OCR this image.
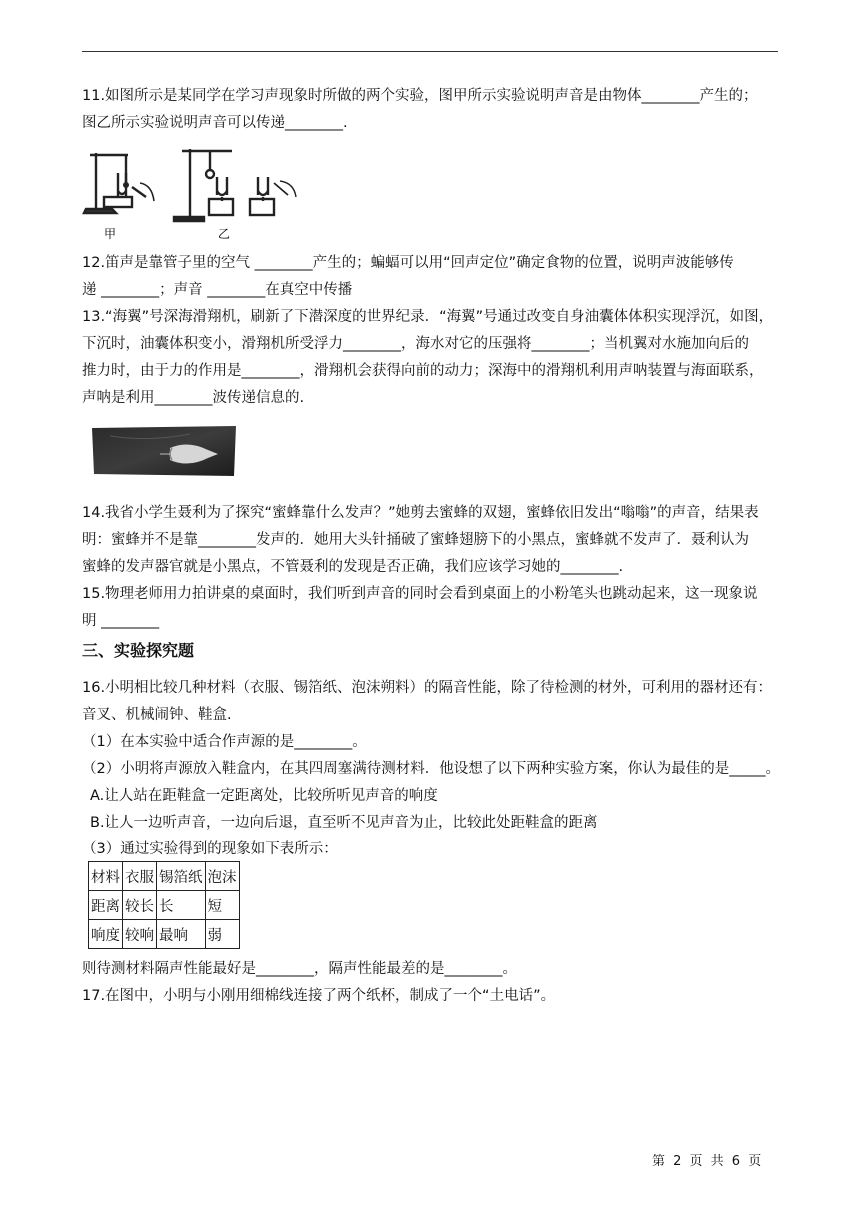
11.如图所示是某同学在学习声现象时所做的两个实验，图甲所示实验说明声音是由物体________产生的；
图乙所示实验说明声音可以传递________.
甲	乙
12.笛声是靠管子里的空气 ________产生的；蝙蝠可以用“回声定位”确定食物的位置，说明声波能够传
递 ________；声音 ________在真空中传播
13.“海翼”号深海滑翔机，刷新了下潜深度的世界纪录．“海翼”号通过改变自身油囊体体积实现浮沉，如图，
下沉时，油囊体积变小，滑翔机所受浮力________，海水对它的压强将________；当机翼对水施加向后的
推力时，由于力的作用是________，滑翔机会获得向前的动力；深海中的滑翔机利用声呐装置与海面联系，
声呐是利用________波传递信息的.
14.我省小学生聂利为了探究“蜜蜂靠什么发声？”她剪去蜜蜂的双翅，蜜蜂依旧发出“嗡嗡”的声音，结果表
明：蜜蜂并不是靠________发声的．她用大头针捅破了蜜蜂翅膀下的小黑点，蜜蜂就不发声了．聂利认为
蜜蜂的发声器官就是小黑点，不管聂利的发现是否正确，我们应该学习她的________.
15.物理老师用力拍讲桌的桌面时，我们听到声音的同时会看到桌面上的小粉笔头也跳动起来，这一现象说
明 ________
三、实验探究题
16.小明相比较几种材料（衣服、锡箔纸、泡沫朔料）的隔音性能，除了待检测的材外，可利用的器材还有：
音叉、机械闹钟、鞋盒.
（1）在本实验中适合作声源的是________。
（2）小明将声源放入鞋盒内，在其四周塞满待测材料．他设想了以下两种实验方案，你认为最佳的是_____。
A.让人站在距鞋盒一定距离处，比较所听见声音的响度
B.让人一边听声音，一边向后退，直至听不见声音为止，比较此处距鞋盒的距离
（3）通过实验得到的现象如下表所示：
材料	衣服	锡箔纸	泡沫
距离	较长	长	短
响度	较响	最响	弱
则待测材料隔声性能最好是________，隔声性能最差的是________。
17.在图中，小明与小刚用细棉线连接了两个纸杯，制成了一个“土电话”。
第 2 页 共 6 页
